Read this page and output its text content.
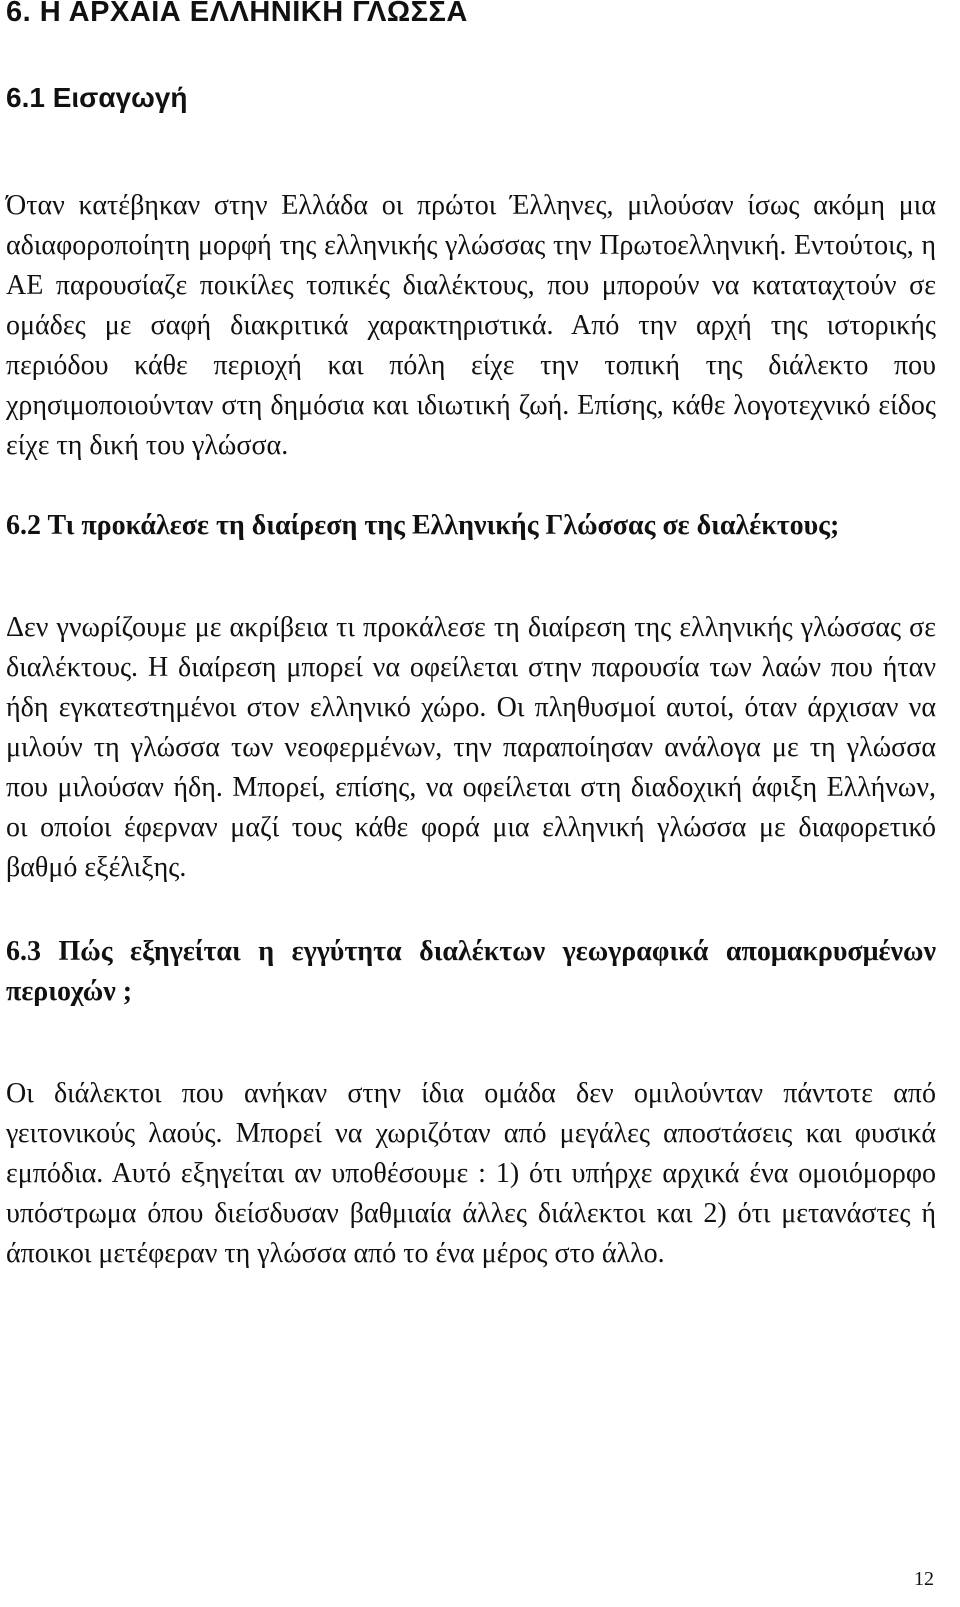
6. Η ΑΡΧΑΙΑ ΕΛΛΗΝΙΚΗ ΓΛΩΣΣΑ
6.1 Εισαγωγή

Όταν κατέβηκαν στην Ελλάδα οι πρώτοι Έλληνες, μιλούσαν ίσως ακόμη μια αδιαφοροποίητη μορφή της ελληνικής γλώσσας την Πρωτοελληνική. Εντούτοις, η ΑΕ παρουσίαζε ποικίλες τοπικές διαλέκτους, που μπορούν να καταταχτούν σε ομάδες με σαφή διακριτικά χαρακτηριστικά. Από την αρχή της ιστορικής περιόδου κάθε περιοχή και πόλη είχε την τοπική της διάλεκτο που χρησιμοποιούνταν στη δημόσια και ιδιωτική ζωή. Επίσης, κάθε λογοτεχνικό είδος είχε τη δική του γλώσσα.

6.2 Τι προκάλεσε τη διαίρεση της Ελληνικής Γλώσσας σε διαλέκτους;

Δεν γνωρίζουμε με ακρίβεια τι προκάλεσε τη διαίρεση της ελληνικής γλώσσας σε διαλέκτους. Η διαίρεση μπορεί να οφείλεται στην παρουσία των λαών που ήταν ήδη εγκατεστημένοι στον ελληνικό χώρο. Οι πληθυσμοί αυτοί, όταν άρχισαν να μιλούν τη γλώσσα των νεοφερμένων, την παραποίησαν ανάλογα με τη γλώσσα που μιλούσαν ήδη. Μπορεί, επίσης, να οφείλεται στη διαδοχική άφιξη Ελλήνων, οι οποίοι έφερναν μαζί τους κάθε φορά μια ελληνική γλώσσα με διαφορετικό βαθμό εξέλιξης.

6.3 Πώς εξηγείται η εγγύτητα διαλέκτων γεωγραφικά απομακρυσμένων περιοχών ;

Οι διάλεκτοι που ανήκαν στην ίδια ομάδα δεν ομιλούνταν πάντοτε από γειτονικούς λαούς. Μπορεί να χωριζόταν από μεγάλες αποστάσεις και φυσικά εμπόδια. Αυτό εξηγείται αν υποθέσουμε : 1) ότι υπήρχε αρχικά ένα ομοιόμορφο υπόστρωμα όπου διείσδυσαν βαθμιαία άλλες διάλεκτοι και 2) ότι μετανάστες ή άποικοι μετέφεραν τη γλώσσα από το ένα μέρος στο άλλο.

12
